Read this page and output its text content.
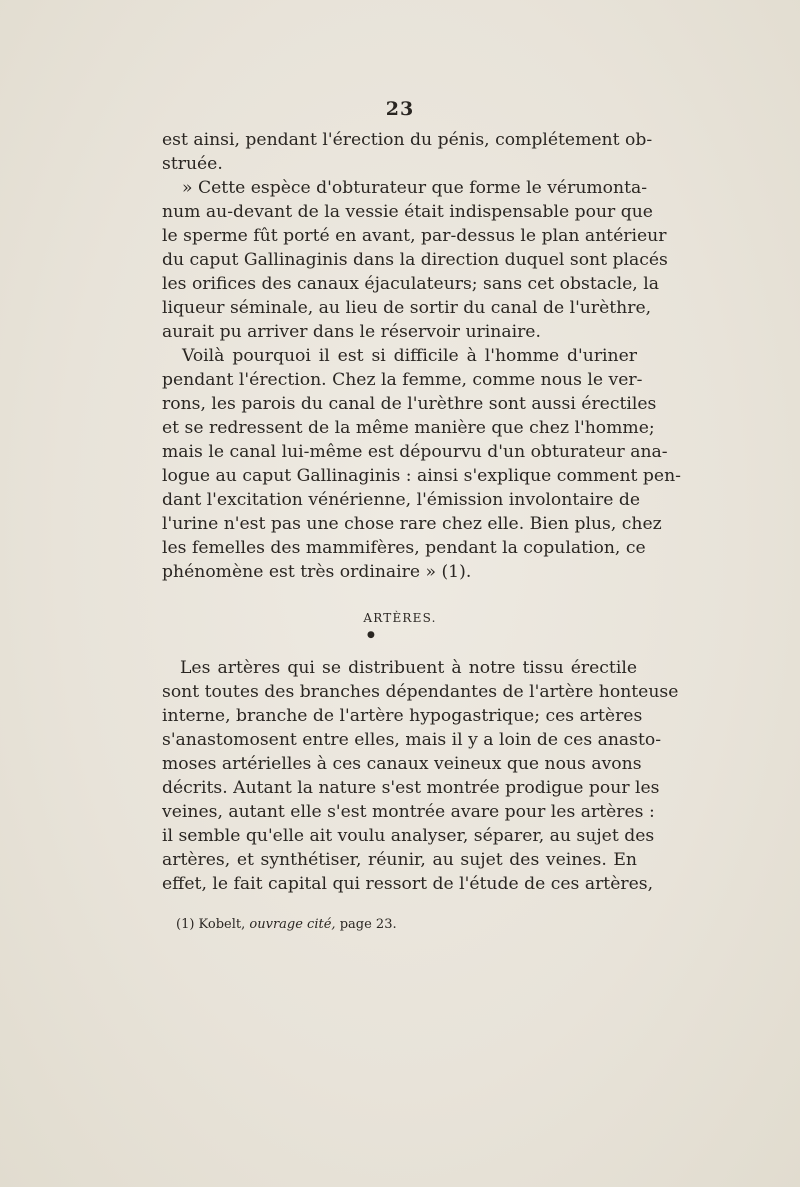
23
est ainsi, pendant l'érection du pénis, complétement ob-
struée.
» Cette espèce d'obturateur que forme le vérumonta-
num au-devant de la vessie était indispensable pour que
le sperme fût porté en avant, par-dessus le plan antérieur
du caput Gallinaginis dans la direction duquel sont placés
les orifices des canaux éjaculateurs; sans cet obstacle, la
liqueur séminale, au lieu de sortir du canal de l'urèthre,
aurait pu arriver dans le réservoir urinaire.
Voilà pourquoi il est si difficile à l'homme d'uriner
pendant l'érection. Chez la femme, comme nous le ver-
rons, les parois du canal de l'urèthre sont aussi érectiles
et se redressent de la même manière que chez l'homme;
mais le canal lui-même est dépourvu d'un obturateur ana-
logue au caput Gallinaginis : ainsi s'explique comment pen-
dant l'excitation vénérienne, l'émission involontaire de
l'urine n'est pas une chose rare chez elle. Bien plus, chez
les femelles des mammifères, pendant la copulation, ce
phénomène est très ordinaire » (1).
ARTÈRES.
●
Les artères qui se distribuent à notre tissu érectile
sont toutes des branches dépendantes de l'artère honteuse
interne, branche de l'artère hypogastrique; ces artères
s'anastomosent entre elles, mais il y a loin de ces anasto-
moses artérielles à ces canaux veineux que nous avons
décrits. Autant la nature s'est montrée prodigue pour les
veines, autant elle s'est montrée avare pour les artères :
il semble qu'elle ait voulu analyser, séparer, au sujet des
artères, et synthétiser, réunir, au sujet des veines. En
effet, le fait capital qui ressort de l'étude de ces artères,
(1) Kobelt, ouvrage cité, page 23.
